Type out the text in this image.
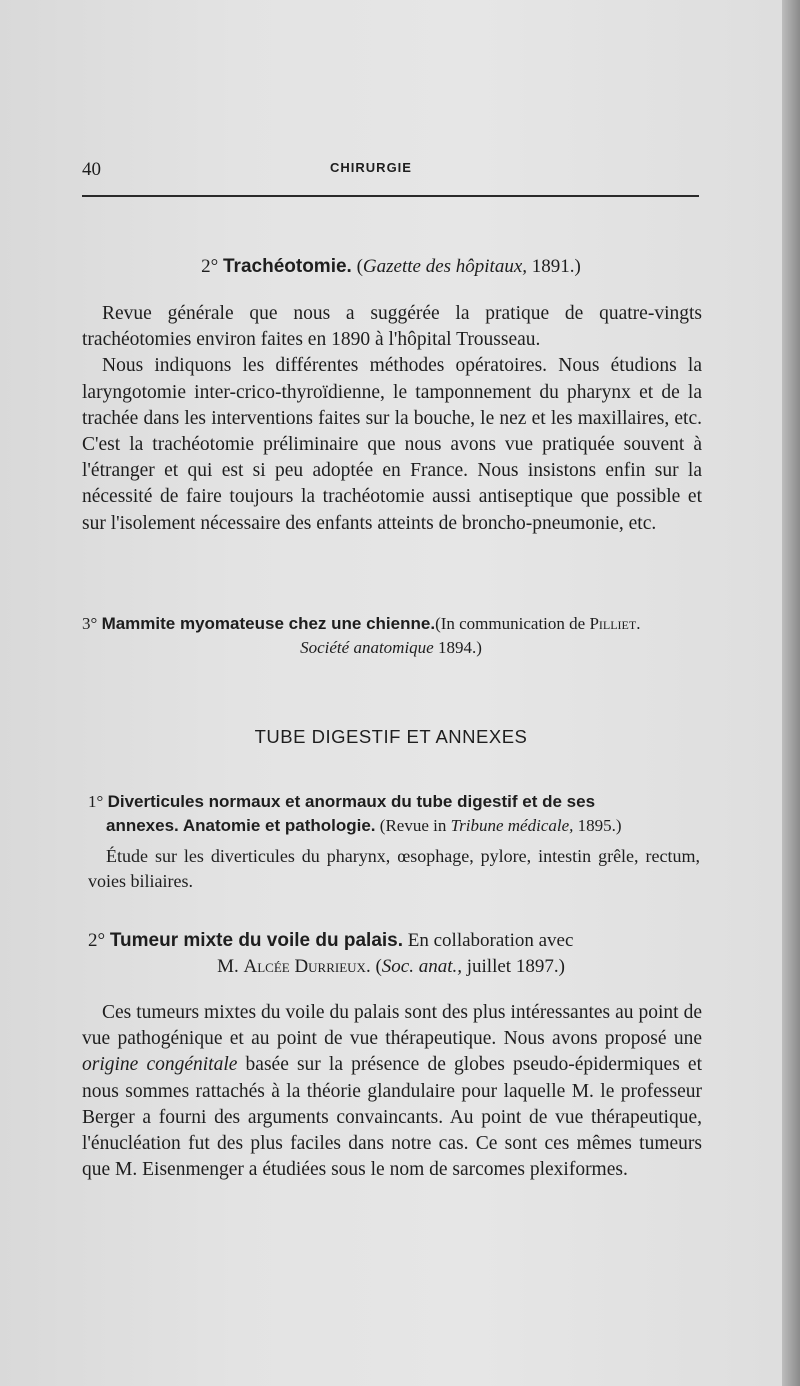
40	CHIRURGIE
2° Trachéotomie. (Gazette des hôpitaux, 1891.)

Revue générale que nous a suggérée la pratique de quatre-vingts trachéotomies environ faites en 1890 à l'hôpital Trousseau.

Nous indiquons les différentes méthodes opératoires. Nous étudions la laryngotomie inter-crico-thyroïdienne, le tamponnement du pharynx et de la trachée dans les interventions faites sur la bouche, le nez et les maxillaires, etc. C'est la trachéotomie préliminaire que nous avons vue pratiquée souvent à l'étranger et qui est si peu adoptée en France. Nous insistons enfin sur la nécessité de faire toujours la trachéotomie aussi antiseptique que possible et sur l'isolement nécessaire des enfants atteints de broncho-pneumonie, etc.

3° Mammite myomateuse chez une chienne.(In communication de Pilliet.
Société anatomique 1894.)
TUBE DIGESTIF ET ANNEXES
1° Diverticules normaux et anormaux du tube digestif et de ses
annexes. Anatomie et pathologie. (Revue in Tribune médicale, 1895.)
Étude sur les diverticules du pharynx, œsophage, pylore, intestin grêle, rectum, voies biliaires.
2° Tumeur mixte du voile du palais. En collaboration avec
M. Alcée Durrieux. (Soc. anat., juillet 1897.)
Ces tumeurs mixtes du voile du palais sont des plus intéressantes au point de vue pathogénique et au point de vue thérapeutique. Nous avons proposé une origine congénitale basée sur la présence de globes pseudo-épidermiques et nous sommes rattachés à la théorie glandulaire pour laquelle M. le professeur Berger a fourni des arguments convaincants. Au point de vue thérapeutique, l'énucléation fut des plus faciles dans notre cas. Ce sont ces mêmes tumeurs que M. Eisenmenger a étudiées sous le nom de sarcomes plexiformes.
